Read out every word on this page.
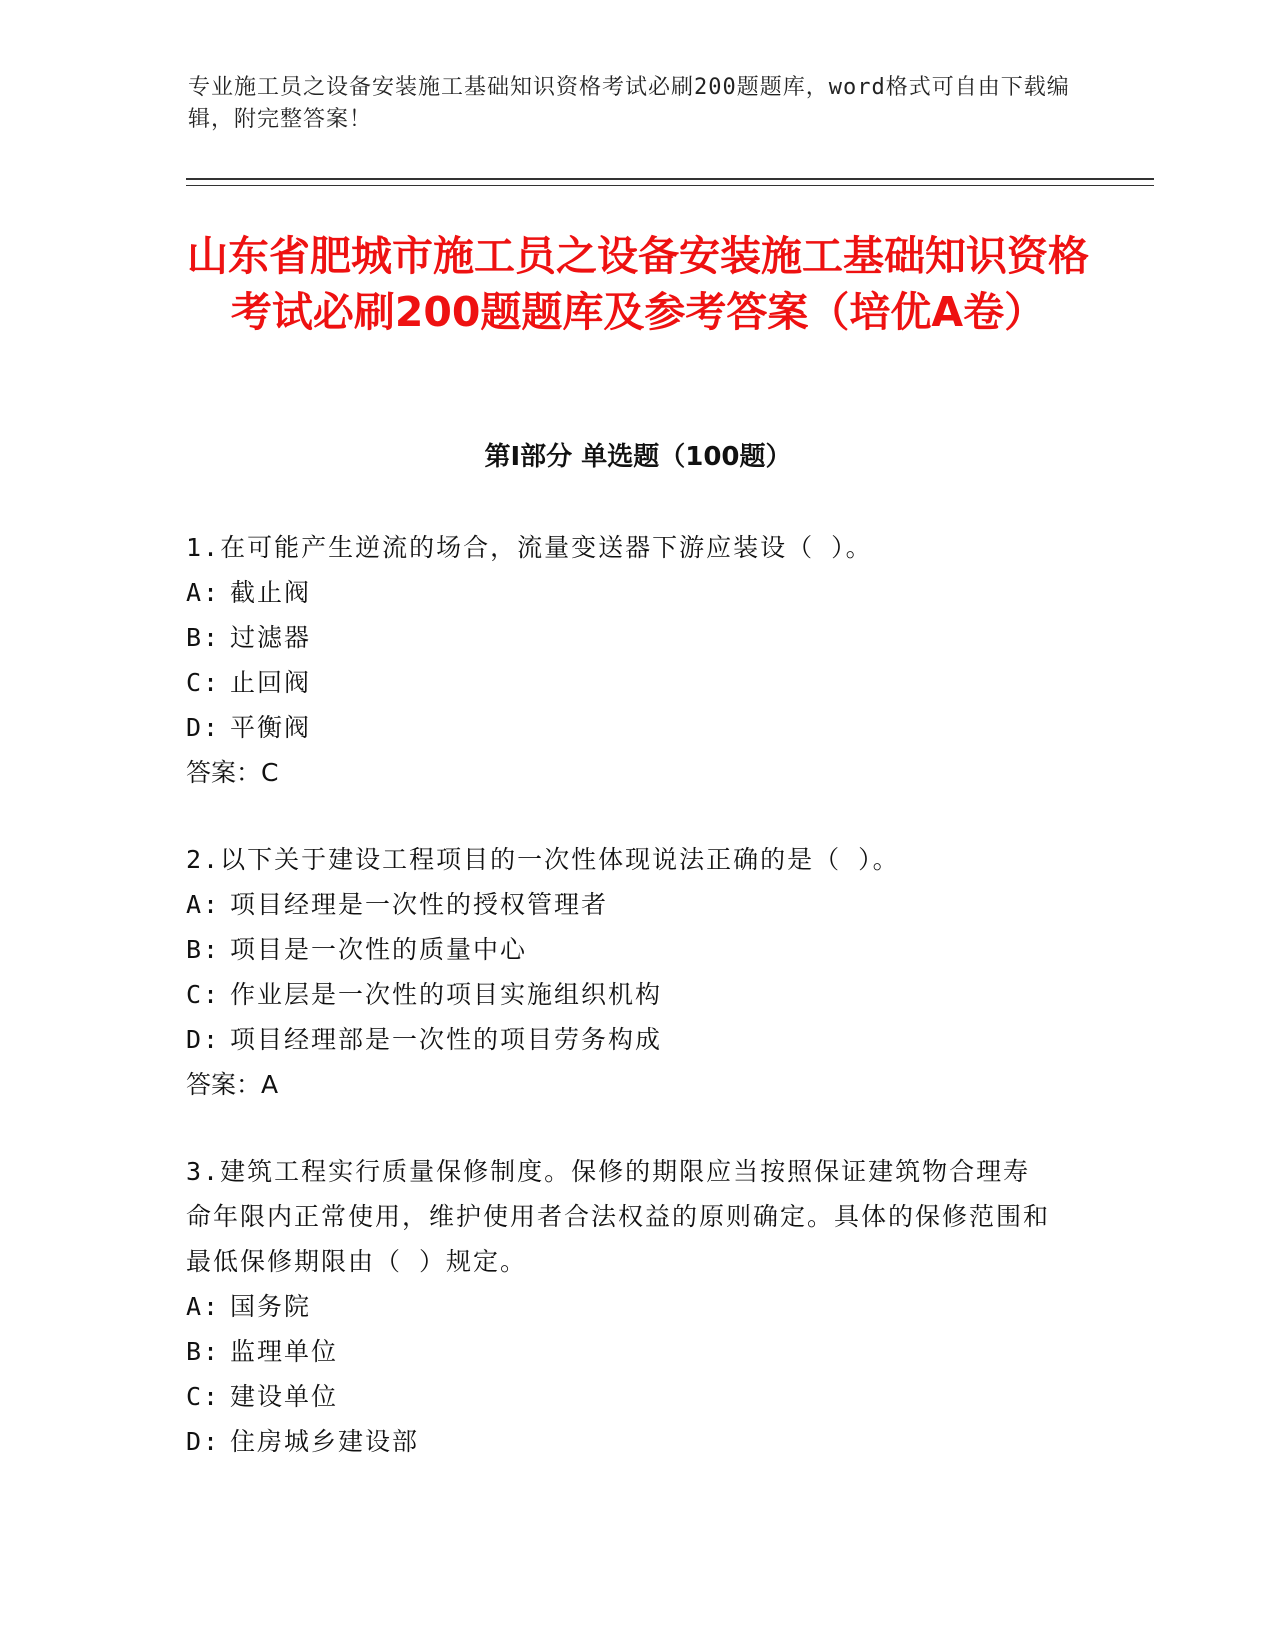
专业施工员之设备安装施工基础知识资格考试必刷200题题库，word格式可自由下载编辑，附完整答案！
山东省肥城市施工员之设备安装施工基础知识资格考试必刷200题题库及参考答案（培优A卷）
第I部分 单选题（100题）
1.在可能产生逆流的场合，流量变送器下游应装设（ ）。
A: 截止阀
B: 过滤器
C: 止回阀
D: 平衡阀
答案：C
2.以下关于建设工程项目的一次性体现说法正确的是（ ）。
A: 项目经理是一次性的授权管理者
B: 项目是一次性的质量中心
C: 作业层是一次性的项目实施组织机构
D: 项目经理部是一次性的项目劳务构成
答案：A
3.建筑工程实行质量保修制度。保修的期限应当按照保证建筑物合理寿命年限内正常使用，维护使用者合法权益的原则确定。具体的保修范围和最低保修期限由（ ）规定。
A: 国务院
B: 监理单位
C: 建设单位
D: 住房城乡建设部
